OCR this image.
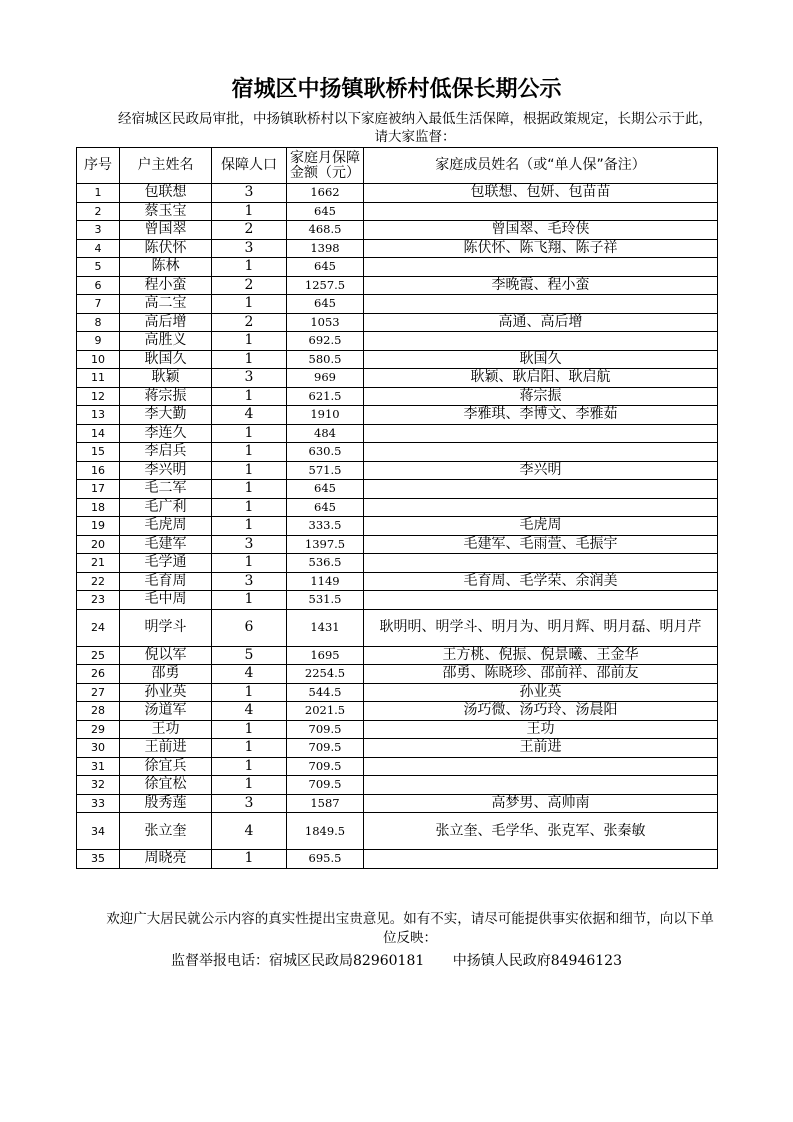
宿城区中扬镇耿桥村低保长期公示
经宿城区民政局审批，中扬镇耿桥村以下家庭被纳入最低生活保障，根据政策规定，长期公示于此，请大家监督：
序号	户主姓名	保障人口	家庭月保障金额（元）	家庭成员姓名（或“单人保”备注）
1	包联想	3	1662	包联想、包妍、包苗苗
2	蔡玉宝	1	645	
3	曾国翠	2	468.5	曾国翠、毛玲侠
4	陈伏怀	3	1398	陈伏怀、陈飞翔、陈子祥
5	陈林	1	645	
6	程小蛮	2	1257.5	李晚霞、程小蛮
7	高二宝	1	645	
8	高后增	2	1053	高通、高后增
9	高胜义	1	692.5	
10	耿国久	1	580.5	耿国久
11	耿颖	3	969	耿颖、耿启阳、耿启航
12	蒋宗振	1	621.5	蒋宗振
13	李大勤	4	1910	李雅琪、李博文、李雅茹
14	李连久	1	484	
15	李启兵	1	630.5	
16	李兴明	1	571.5	李兴明
17	毛二军	1	645	
18	毛广利	1	645	
19	毛虎周	1	333.5	毛虎周
20	毛建军	3	1397.5	毛建军、毛雨萱、毛振宇
21	毛学通	1	536.5	
22	毛育周	3	1149	毛育周、毛学荣、余润美
23	毛中周	1	531.5	
24	明学斗	6	1431	耿明明、明学斗、明月为、明月辉、明月磊、明月芹
25	倪以军	5	1695	王方桃、倪振、倪景曦、王金华
26	邵勇	4	2254.5	邵勇、陈晓珍、邵前祥、邵前友
27	孙业英	1	544.5	孙业英
28	汤道军	4	2021.5	汤巧微、汤巧玲、汤晨阳
29	王功	1	709.5	王功
30	王前进	1	709.5	王前进
31	徐宜兵	1	709.5	
32	徐宜松	1	709.5	
33	殷秀莲	3	1587	高梦男、高帅南
34	张立奎	4	1849.5	张立奎、毛学华、张克军、张秦敏
35	周晓亮	1	695.5	
欢迎广大居民就公示内容的真实性提出宝贵意见。如有不实，请尽可能提供事实依据和细节，向以下单位反映：
监督举报电话：宿城区民政局82960181 中扬镇人民政府84946123
